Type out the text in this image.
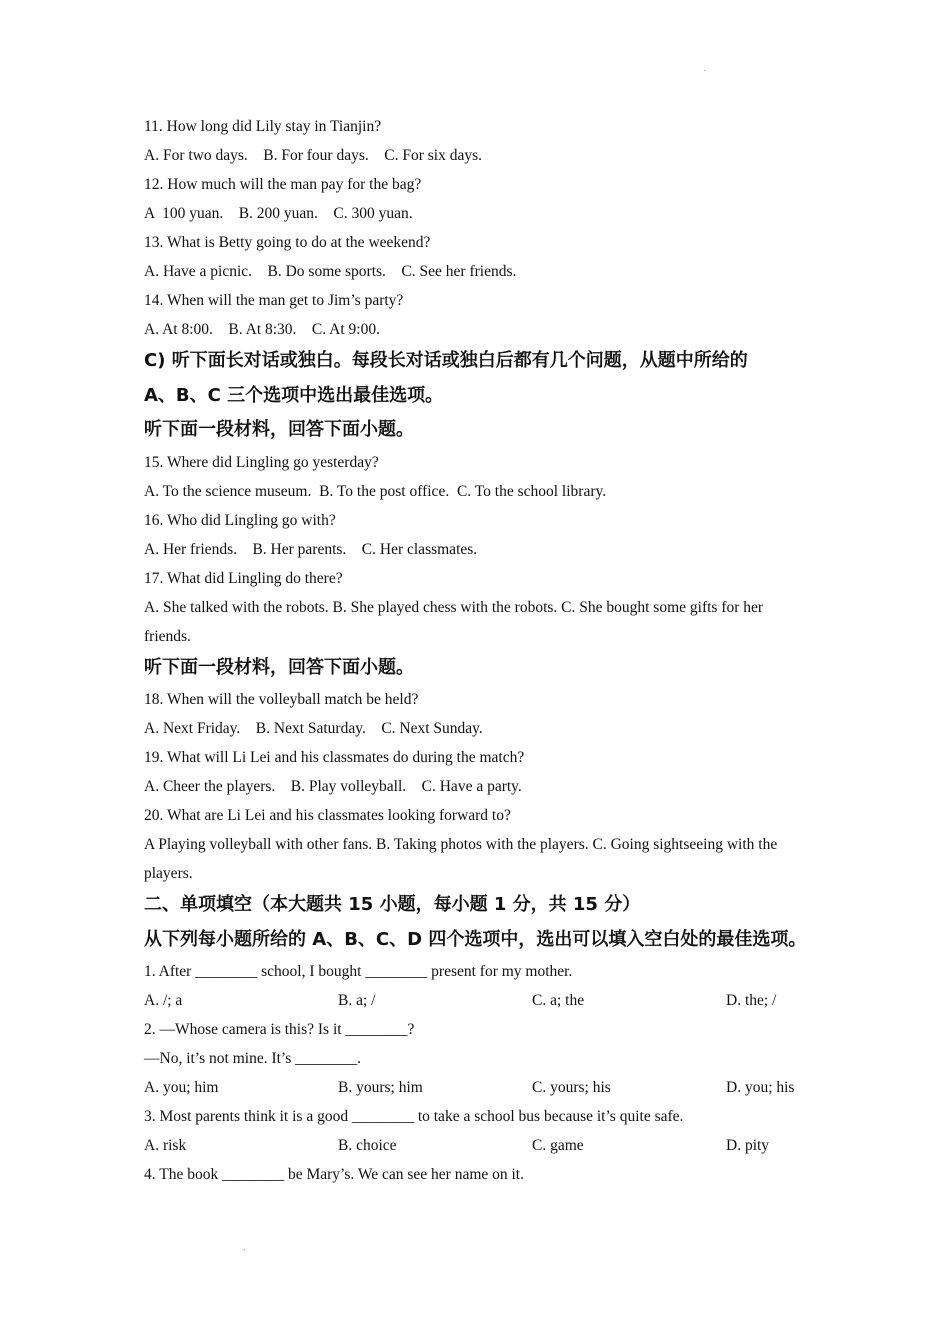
11. How long did Lily stay in Tianjin?
A. For two days.    B. For four days.    C. For six days.
12. How much will the man pay for the bag?
A  100 yuan.    B. 200 yuan.    C. 300 yuan.
13. What is Betty going to do at the weekend?
A. Have a picnic.    B. Do some sports.    C. See her friends.
14. When will the man get to Jim’s party?
A. At 8:00.    B. At 8:30.    C. At 9:00.
C) 听下面长对话或独白。每段长对话或独白后都有几个问题，从题中所给的
A、B、C 三个选项中选出最佳选项。
听下面一段材料，回答下面小题。
15. Where did Lingling go yesterday?
A. To the science museum.  B. To the post office.  C. To the school library.
16. Who did Lingling go with?
A. Her friends.    B. Her parents.    C. Her classmates.
17. What did Lingling do there?
A. She talked with the robots. B. She played chess with the robots. C. She bought some gifts for her friends.
听下面一段材料，回答下面小题。
18. When will the volleyball match be held?
A. Next Friday.    B. Next Saturday.    C. Next Sunday.
19. What will Li Lei and his classmates do during the match?
A. Cheer the players.    B. Play volleyball.    C. Have a party.
20. What are Li Lei and his classmates looking forward to?
A Playing volleyball with other fans. B. Taking photos with the players. C. Going sightseeing with the players.
二、单项填空（本大题共 15 小题，每小题 1 分，共 15 分）
从下列每小题所给的 A、B、C、D 四个选项中，选出可以填入空白处的最佳选项。
1. After ________ school, I bought ________ present for my mother.
A. /; a	B. a; /	C. a; the	D. the; /
2. —Whose camera is this? Is it ________?
—No, it’s not mine. It’s ________.
A. you; him	B. yours; him	C. yours; his	D. you; his
3. Most parents think it is a good ________ to take a school bus because it’s quite safe.
A. risk	B. choice	C. game	D. pity
4. The book ________ be Mary’s. We can see her name on it.
